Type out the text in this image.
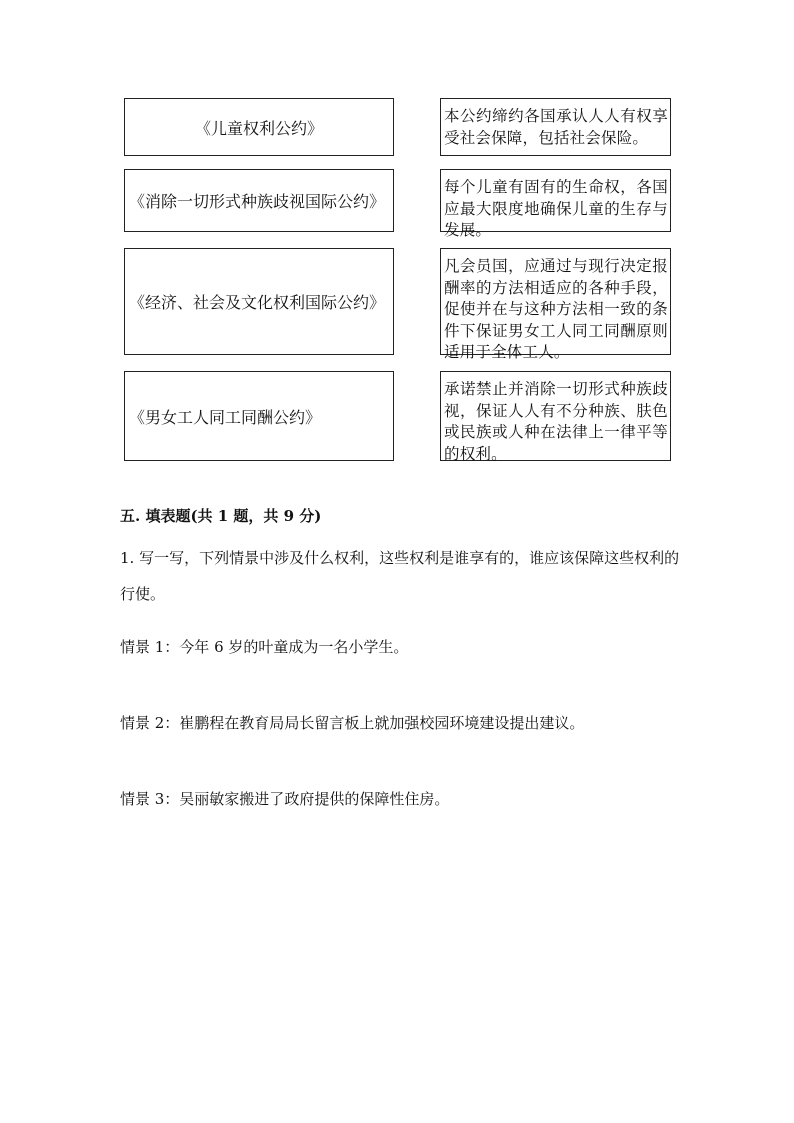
《儿童权利公约》
《消除一切形式种族歧视国际公约》
《经济、社会及文化权利国际公约》
《男女工人同工同酬公约》
本公约缔约各国承认人人有权享受社会保障，包括社会保险。
每个儿童有固有的生命权，各国应最大限度地确保儿童的生存与发展。
凡会员国，应通过与现行决定报酬率的方法相适应的各种手段，促使并在与这种方法相一致的条件下保证男女工人同工同酬原则适用于全体工人。
承诺禁止并消除一切形式种族歧视，保证人人有不分种族、肤色或民族或人种在法律上一律平等的权利。
五. 填表题(共 1 题，共 9 分)
1. 写一写，下列情景中涉及什么权利，这些权利是谁享有的，谁应该保障这些权利的行使。
情景 1：今年 6 岁的叶童成为一名小学生。
情景 2：崔鹏程在教育局局长留言板上就加强校园环境建设提出建议。
情景 3：吴丽敏家搬进了政府提供的保障性住房。
